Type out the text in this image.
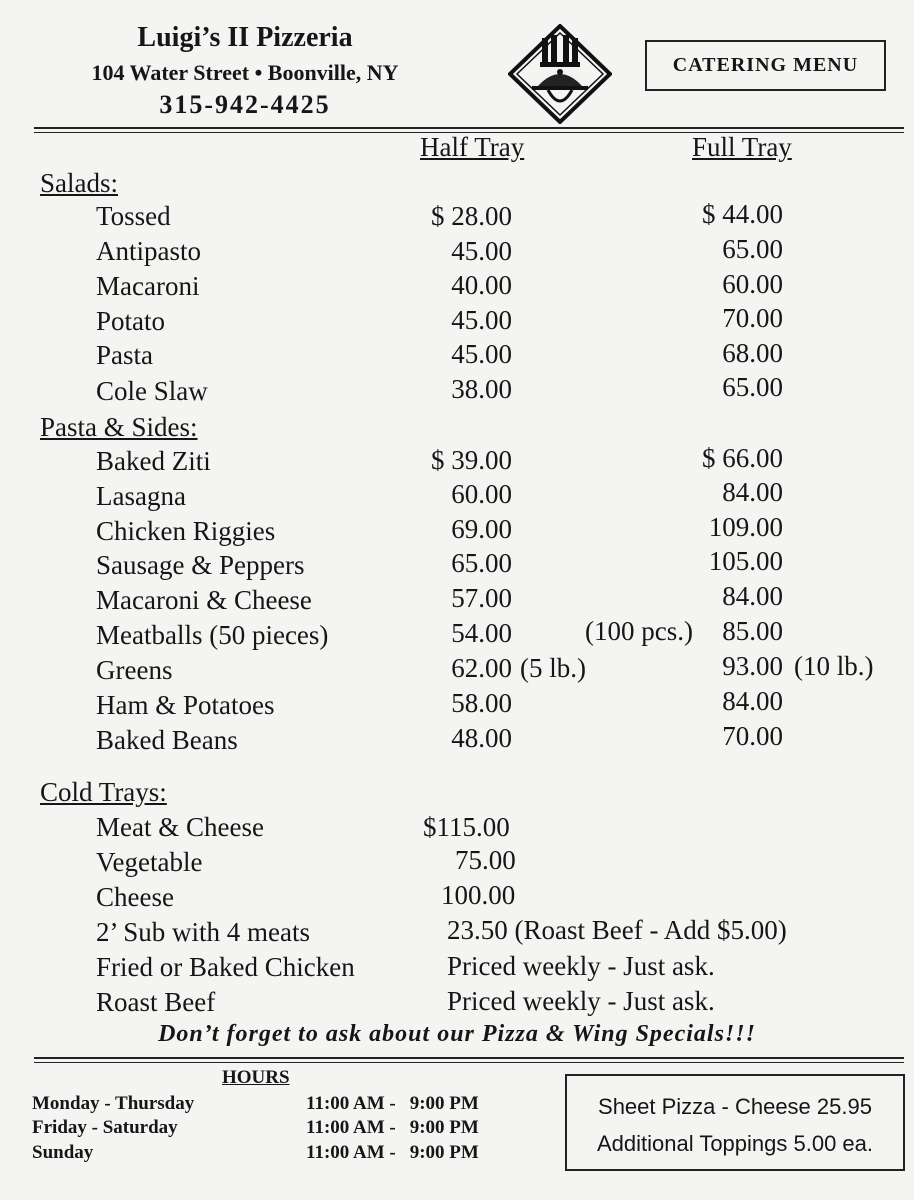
Luigi’s II Pizzeria
104 Water Street • Boonville, NY
315-942-4425
CATERING MENU
Half Tray	Full Tray
Salads:
Tossed	$ 28.00	$ 44.00
Antipasto	45.00	65.00
Macaroni	40.00	60.00
Potato	45.00	70.00
Pasta	45.00	68.00
Cole Slaw	38.00	65.00
Pasta & Sides:
Baked Ziti	$ 39.00	$ 66.00
Lasagna	60.00	84.00
Chicken Riggies	69.00	109.00
Sausage & Peppers	65.00	105.00
Macaroni & Cheese	57.00	84.00
Meatballs (50 pieces)	54.00	(100 pcs.)	85.00
Greens	62.00 (5 lb.)	93.00 (10 lb.)
Ham & Potatoes	58.00	84.00
Baked Beans	48.00	70.00
Cold Trays:
Meat & Cheese	$115.00
Vegetable	75.00
Cheese	100.00
2’ Sub with 4 meats	23.50 (Roast Beef - Add $5.00)
Fried or Baked Chicken	Priced weekly - Just ask.
Roast Beef	Priced weekly - Just ask.
Don’t forget to ask about our Pizza & Wing Specials!!!
HOURS
Monday - Thursday	11:00 AM - 9:00 PM
Friday - Saturday	11:00 AM - 9:00 PM
Sunday	11:00 AM - 9:00 PM
Sheet Pizza - Cheese 25.95
Additional Toppings 5.00 ea.
